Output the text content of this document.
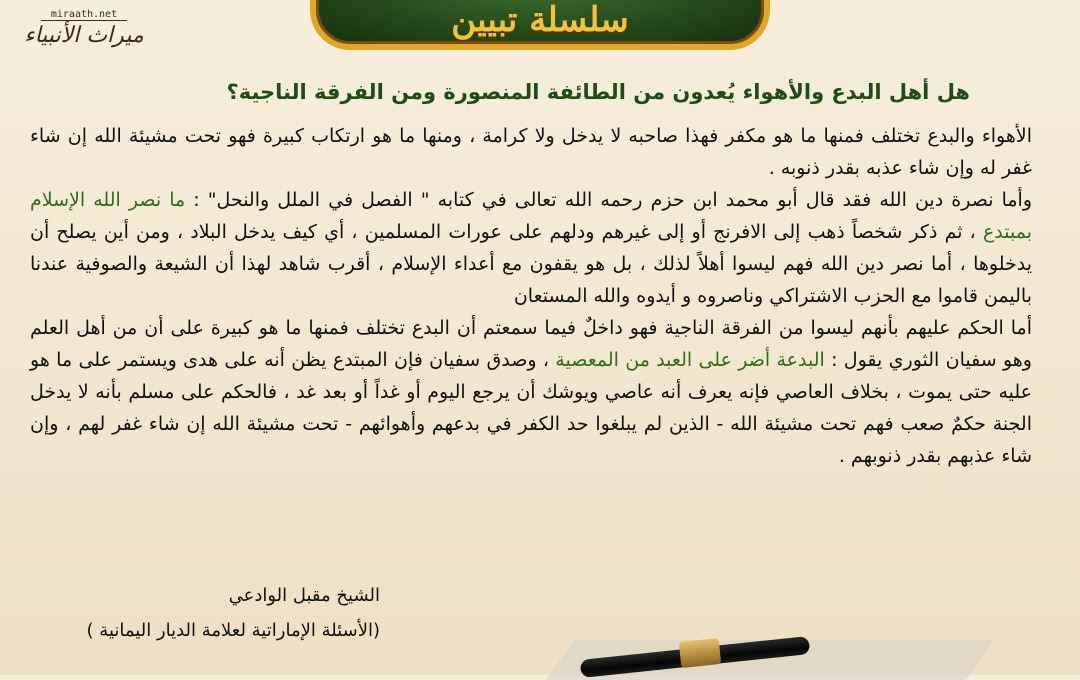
سلسلة تبيين
miraath.net
ميراث الأنبياء
هل أهل البدع والأهواء يُعدون من الطائفة المنصورة ومن الفرقة الناجية؟
الأهواء والبدع تختلف فمنها ما هو مكفر فهذا صاحبه لا يدخل ولا كرامة ، ومنها ما هو ارتكاب كبيرة فهو تحت مشيئة الله إن شاء غفر له وإن شاء عذبه بقدر ذنوبه .
وأما نصرة دين الله فقد قال أبو محمد ابن حزم رحمه الله تعالى في كتابه " الفصل في الملل والنحل" : ما نصر الله الإسلام بمبتدع ، ثم ذكر شخصاً ذهب إلى الافرنج أو إلى غيرهم ودلهم على عورات المسلمين ، أي كيف يدخل البلاد ، ومن أين يصلح أن يدخلوها ، أما نصر دين الله فهم ليسوا أهلاً لذلك ، بل هو يقفون مع أعداء الإسلام ، أقرب شاهد لهذا أن الشيعة والصوفية عندنا باليمن قاموا مع الحزب الاشتراكي وناصروه و أيدوه والله المستعان
أما الحكم عليهم بأنهم ليسوا من الفرقة الناجية فهو داخلٌ فيما سمعتم أن البدع تختلف فمنها ما هو كبيرة على أن من أهل العلم وهو سفيان الثوري يقول : البدعة أضر على العبد من المعصية ، وصدق سفيان فإن المبتدع يظن أنه على هدى ويستمر على ما هو عليه حتى يموت ، بخلاف العاصي فإنه يعرف أنه عاصي ويوشك أن يرجع اليوم أو غداً أو بعد غد ، فالحكم على مسلم بأنه لا يدخل الجنة حكمٌ صعب فهم تحت مشيئة الله - الذين لم يبلغوا حد الكفر في بدعهم وأهوائهم - تحت مشيئة الله إن شاء غفر لهم ، وإن شاء عذبهم بقدر ذنوبهم .
الشيخ مقبل الوادعي
(الأسئلة الإماراتية لعلامة الديار اليمانية )
